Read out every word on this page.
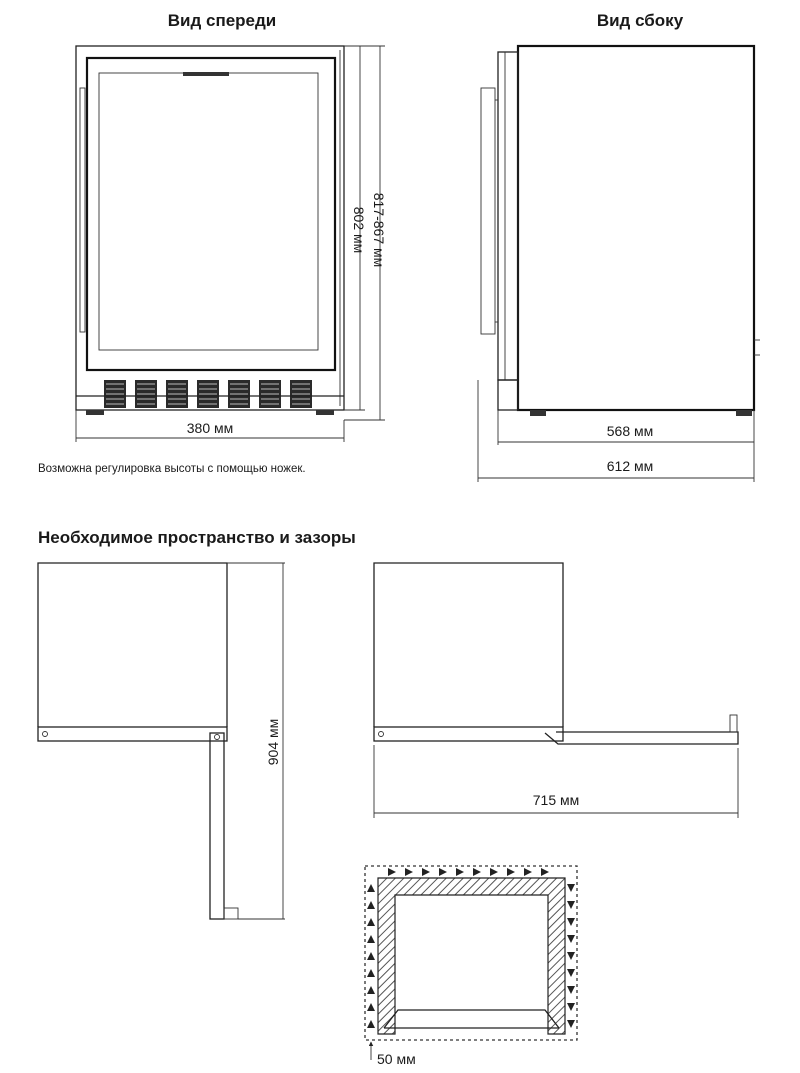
Вид спереди
802 мм 817-867 мм
380 мм
Возможна регулировка высоты с помощью ножек.
Вид сбоку
568 мм
612 мм
Необходимое пространство и зазоры
904 мм
715 мм
50 мм
